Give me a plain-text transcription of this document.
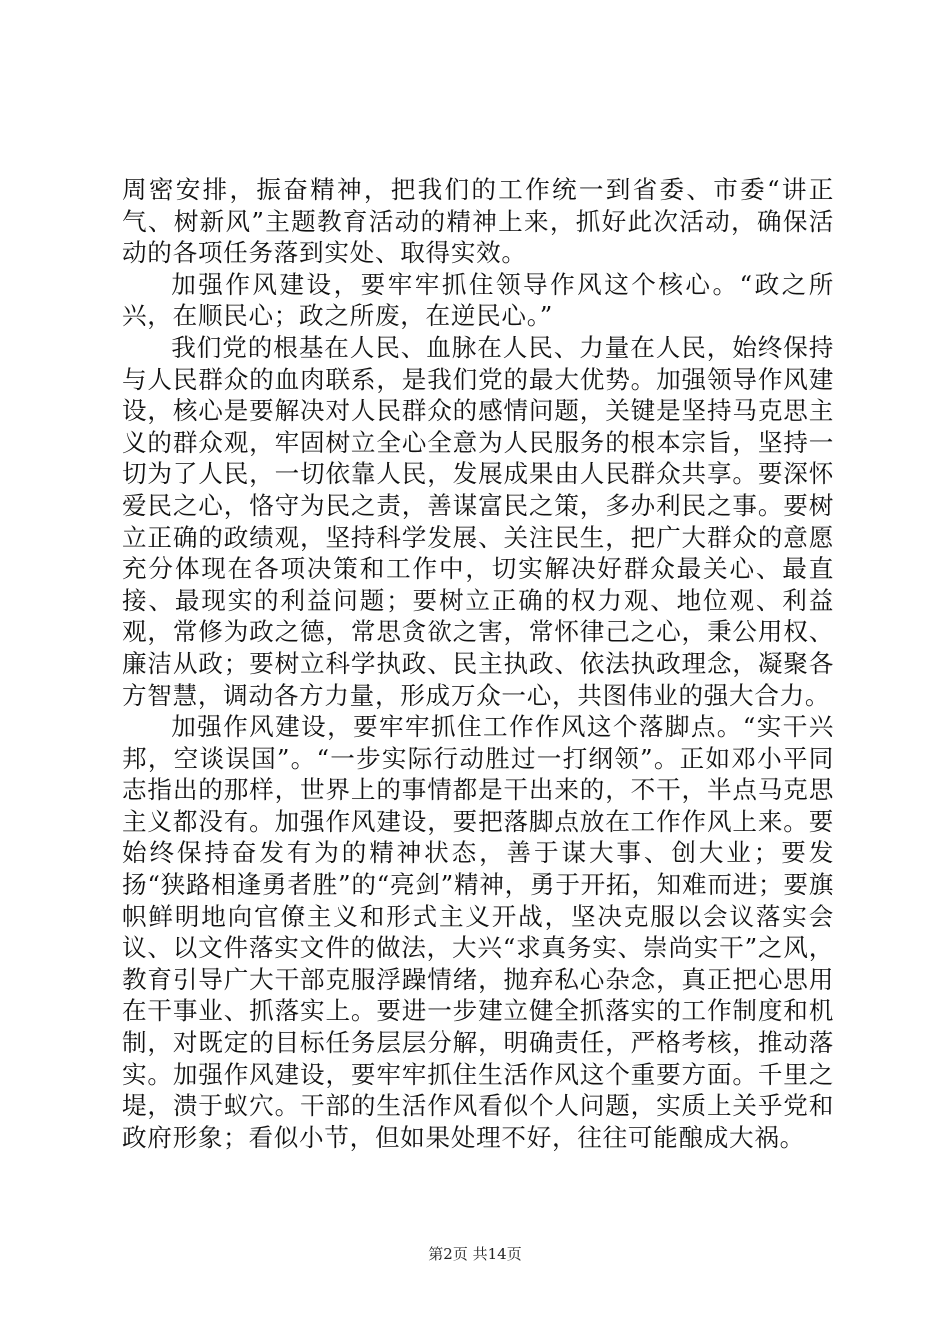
周密安排，振奋精神，把我们的工作统一到省委、市委“讲正气、树新风”主题教育活动的精神上来，抓好此次活动，确保活动的各项任务落到实处、取得实效。

加强作风建设，要牢牢抓住领导作风这个核心。“政之所兴，在顺民心；政之所废，在逆民心。”

我们党的根基在人民、血脉在人民、力量在人民，始终保持与人民群众的血肉联系，是我们党的最大优势。加强领导作风建设，核心是要解决对人民群众的感情问题，关键是坚持马克思主义的群众观，牢固树立全心全意为人民服务的根本宗旨，坚持一切为了人民，一切依靠人民，发展成果由人民群众共享。要深怀爱民之心，恪守为民之责，善谋富民之策，多办利民之事。要树立正确的政绩观，坚持科学发展、关注民生，把广大群众的意愿充分体现在各项决策和工作中，切实解决好群众最关心、最直接、最现实的利益问题；要树立正确的权力观、地位观、利益观，常修为政之德，常思贪欲之害，常怀律己之心，秉公用权、廉洁从政；要树立科学执政、民主执政、依法执政理念，凝聚各方智慧，调动各方力量，形成万众一心，共图伟业的强大合力。

加强作风建设，要牢牢抓住工作作风这个落脚点。“实干兴邦，空谈误国”。“一步实际行动胜过一打纲领”。正如邓小平同志指出的那样，世界上的事情都是干出来的，不干，半点马克思主义都没有。加强作风建设，要把落脚点放在工作作风上来。要始终保持奋发有为的精神状态，善于谋大事、创大业；要发扬“狭路相逢勇者胜”的“亮剑”精神，勇于开拓，知难而进；要旗帜鲜明地向官僚主义和形式主义开战，坚决克服以会议落实会议、以文件落实文件的做法，大兴“求真务实、崇尚实干”之风，教育引导广大干部克服浮躁情绪，抛弃私心杂念，真正把心思用在干事业、抓落实上。要进一步建立健全抓落实的工作制度和机制，对既定的目标任务层层分解，明确责任，严格考核，推动落实。加强作风建设，要牢牢抓住生活作风这个重要方面。千里之堤，溃于蚁穴。干部的生活作风看似个人问题，实质上关乎党和政府形象；看似小节，但如果处理不好，往往可能酿成大祸。

第2页 共14页
